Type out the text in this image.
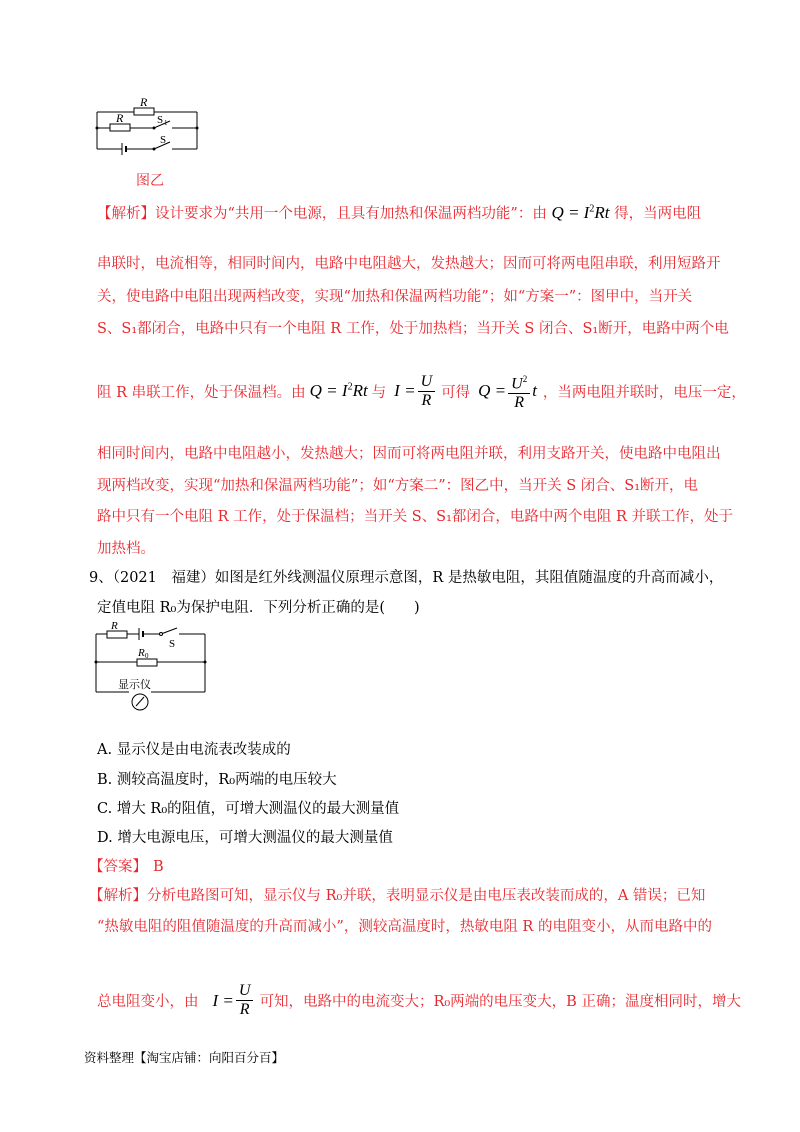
R
R	S 1
S
图乙
【解析】设计要求为“共用一个电源，且具有加热和保温两档功能”：由 $Q = I^2Rt$ 得，当两电阻
串联时，电流相等，相同时间内，电路中电阻越大，发热越大；因而可将两电阻串联，利用短路开
关，使电路中电阻出现两档改变，实现“加热和保温两档功能”；如“方案一”：图甲中，当开关
S、S₁都闭合，电路中只有一个电阻 R 工作，处于加热档；当开关 S 闭合、S₁断开，电路中两个电
阻 R 串联工作，处于保温档。由 $Q = I^2Rt$ 与 $I = \frac{U}{R}$ 可得 $Q = \frac{U^2}{R}$ t ，当两电阻并联时，电压一定，
相同时间内，电路中电阻越小，发热越大；因而可将两电阻并联，利用支路开关，使电路中电阻出
现两档改变，实现“加热和保温两档功能”；如“方案二”：图乙中，当开关 S 闭合、S₁断开，电
路中只有一个电阻 R 工作，处于保温档；当开关 S、S₁都闭合，电路中两个电阻 R 并联工作，处于
加热档。
9、（2021　福建）如图是红外线测温仪原理示意图，R 是热敏电阻，其阻值随温度的升高而减小，
定值电阻 R₀为保护电阻．下列分析正确的是(　　)
R
S
R 0
显示仪
A. 显示仪是由电流表改装成的
B. 测较高温度时，R₀两端的电压较大
C. 增大 R₀的阻值，可增大测温仪的最大测量值
D. 增大电源电压，可增大测温仪的最大测量值
【答案】 B
【解析】分析电路图可知，显示仪与 R₀并联，表明显示仪是由电压表改装而成的，A 错误；已知
“热敏电阻的阻值随温度的升高而减小”，测较高温度时，热敏电阻 R 的电阻变小，从而电路中的
总电阻变小，由 $I = \frac{U}{R}$ 可知，电路中的电流变大；R₀两端的电压变大，B 正确；温度相同时，增大
资料整理【淘宝店铺：向阳百分百】
